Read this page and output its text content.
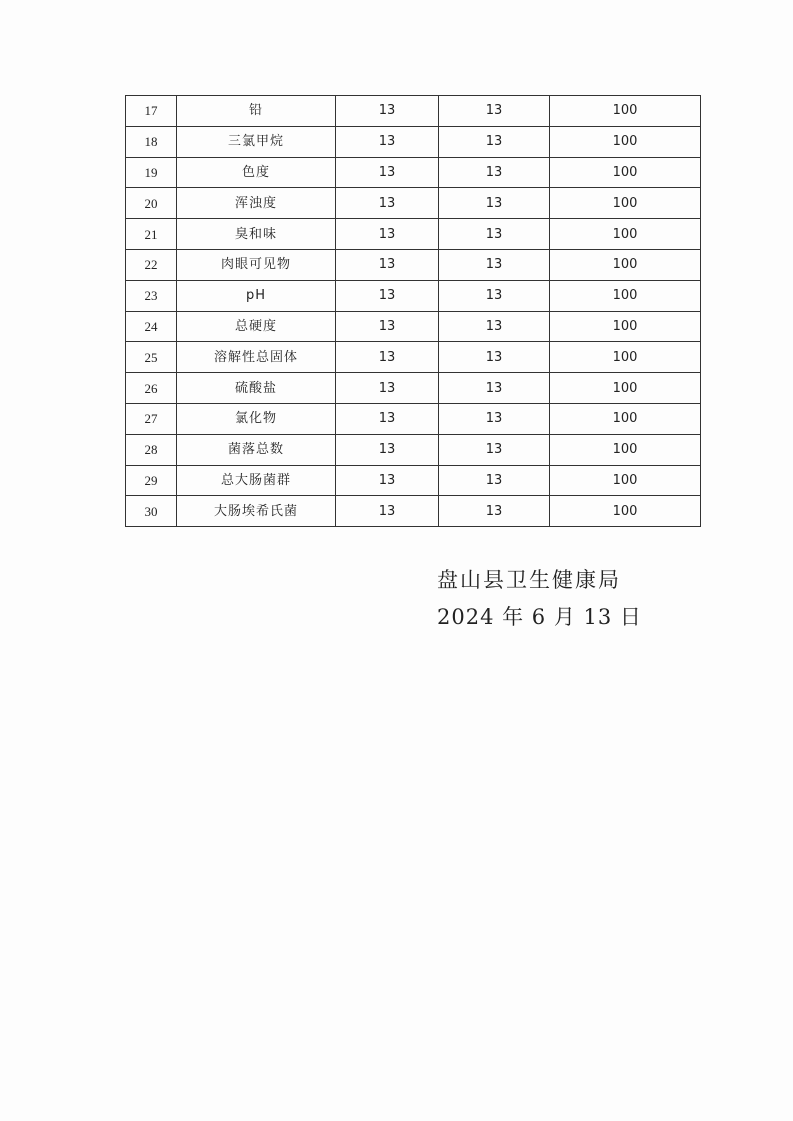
17	铅	13	13	100
18	三氯甲烷	13	13	100
19	色度	13	13	100
20	浑浊度	13	13	100
21	臭和味	13	13	100
22	肉眼可见物	13	13	100
23	pH	13	13	100
24	总硬度	13	13	100
25	溶解性总固体	13	13	100
26	硫酸盐	13	13	100
27	氯化物	13	13	100
28	菌落总数	13	13	100
29	总大肠菌群	13	13	100
30	大肠埃希氏菌	13	13	100
盘山县卫生健康局
2024 年 6 月 13 日
